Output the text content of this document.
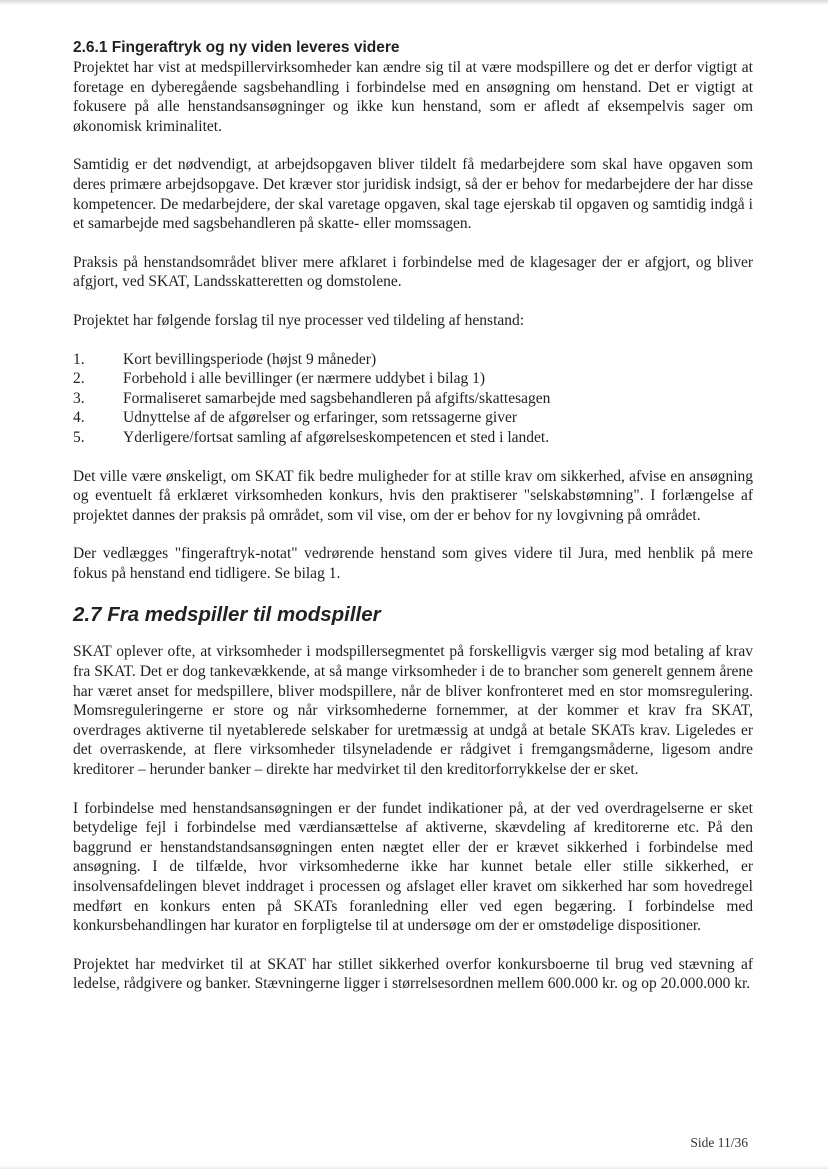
2.6.1 Fingeraftryk og ny viden leveres videre

Projektet har vist at medspillervirksomheder kan ændre sig til at være modspillere og det er derfor vigtigt at foretage en dyberegående sagsbehandling i forbindelse med en ansøgning om henstand. Det er vigtigt at fokusere på alle henstandsansøgninger og ikke kun henstand, som er afledt af eksempelvis sager om økonomisk kriminalitet.

Samtidig er det nødvendigt, at arbejdsopgaven bliver tildelt få medarbejdere som skal have opgaven som deres primære arbejdsopgave. Det kræver stor juridisk indsigt, så der er behov for medarbejdere der har disse kompetencer. De medarbejdere, der skal varetage opgaven, skal tage ejerskab til opgaven og samtidig indgå i et samarbejde med sagsbehandleren på skatte- eller momssagen.

Praksis på henstandsområdet bliver mere afklaret i forbindelse med de klagesager der er afgjort, og bliver afgjort, ved SKAT, Landsskatteretten og domstolene.

Projektet har følgende forslag til nye processer ved tildeling af henstand:

1.	Kort bevillingsperiode (højst 9 måneder)
2.	Forbehold i alle bevillinger (er nærmere uddybet i bilag 1)
3.	Formaliseret samarbejde med sagsbehandleren på afgifts/skattesagen
4.	Udnyttelse af de afgørelser og erfaringer, som retssagerne giver
5.	Yderligere/fortsat samling af afgørelseskompetencen et sted i landet.

Det ville være ønskeligt, om SKAT fik bedre muligheder for at stille krav om sikkerhed, afvise en ansøgning og eventuelt få erklæret virksomheden konkurs, hvis den praktiserer "selskabstømning". I forlængelse af projektet dannes der praksis på området, som vil vise, om der er behov for ny lovgivning på området.

Der vedlægges "fingeraftryk-notat" vedrørende henstand som gives videre til Jura, med henblik på mere fokus på henstand end tidligere. Se bilag 1.

2.7 Fra medspiller til modspiller

SKAT oplever ofte, at virksomheder i modspillersegmentet på forskelligvis værger sig mod betaling af krav fra SKAT. Det er dog tankevækkende, at så mange virksomheder i de to brancher som generelt gennem årene har været anset for medspillere, bliver modspillere, når de bliver konfronteret med en stor momsregulering. Momsreguleringerne er store og når virksomhederne fornemmer, at der kommer et krav fra SKAT, overdrages aktiverne til nyetablerede selskaber for uretmæssig at undgå at betale SKATs krav. Ligeledes er det overraskende, at flere virksomheder tilsyneladende er rådgivet i fremgangsmåderne, ligesom andre kreditorer – herunder banker – direkte har medvirket til den kreditorforrykkelse der er sket.

I forbindelse med henstandsansøgningen er der fundet indikationer på, at der ved overdragelserne er sket betydelige fejl i forbindelse med værdiansættelse af aktiverne, skævdeling af kreditorerne etc. På den baggrund er henstandstandsansøgningen enten nægtet eller der er krævet sikkerhed i forbindelse med ansøgning. I de tilfælde, hvor virksomhederne ikke har kunnet betale eller stille sikkerhed, er insolvensafdelingen blevet inddraget i processen og afslaget eller kravet om sikkerhed har som hovedregel medført en konkurs enten på SKATs foranledning eller ved egen begæring. I forbindelse med konkursbehandlingen har kurator en forpligtelse til at undersøge om der er omstødelige dispositioner.

Projektet har medvirket til at SKAT har stillet sikkerhed overfor konkursboerne til brug ved stævning af ledelse, rådgivere og banker. Stævningerne ligger i størrelsesordnen mellem 600.000 kr. og op 20.000.000 kr.

Side 11/36
